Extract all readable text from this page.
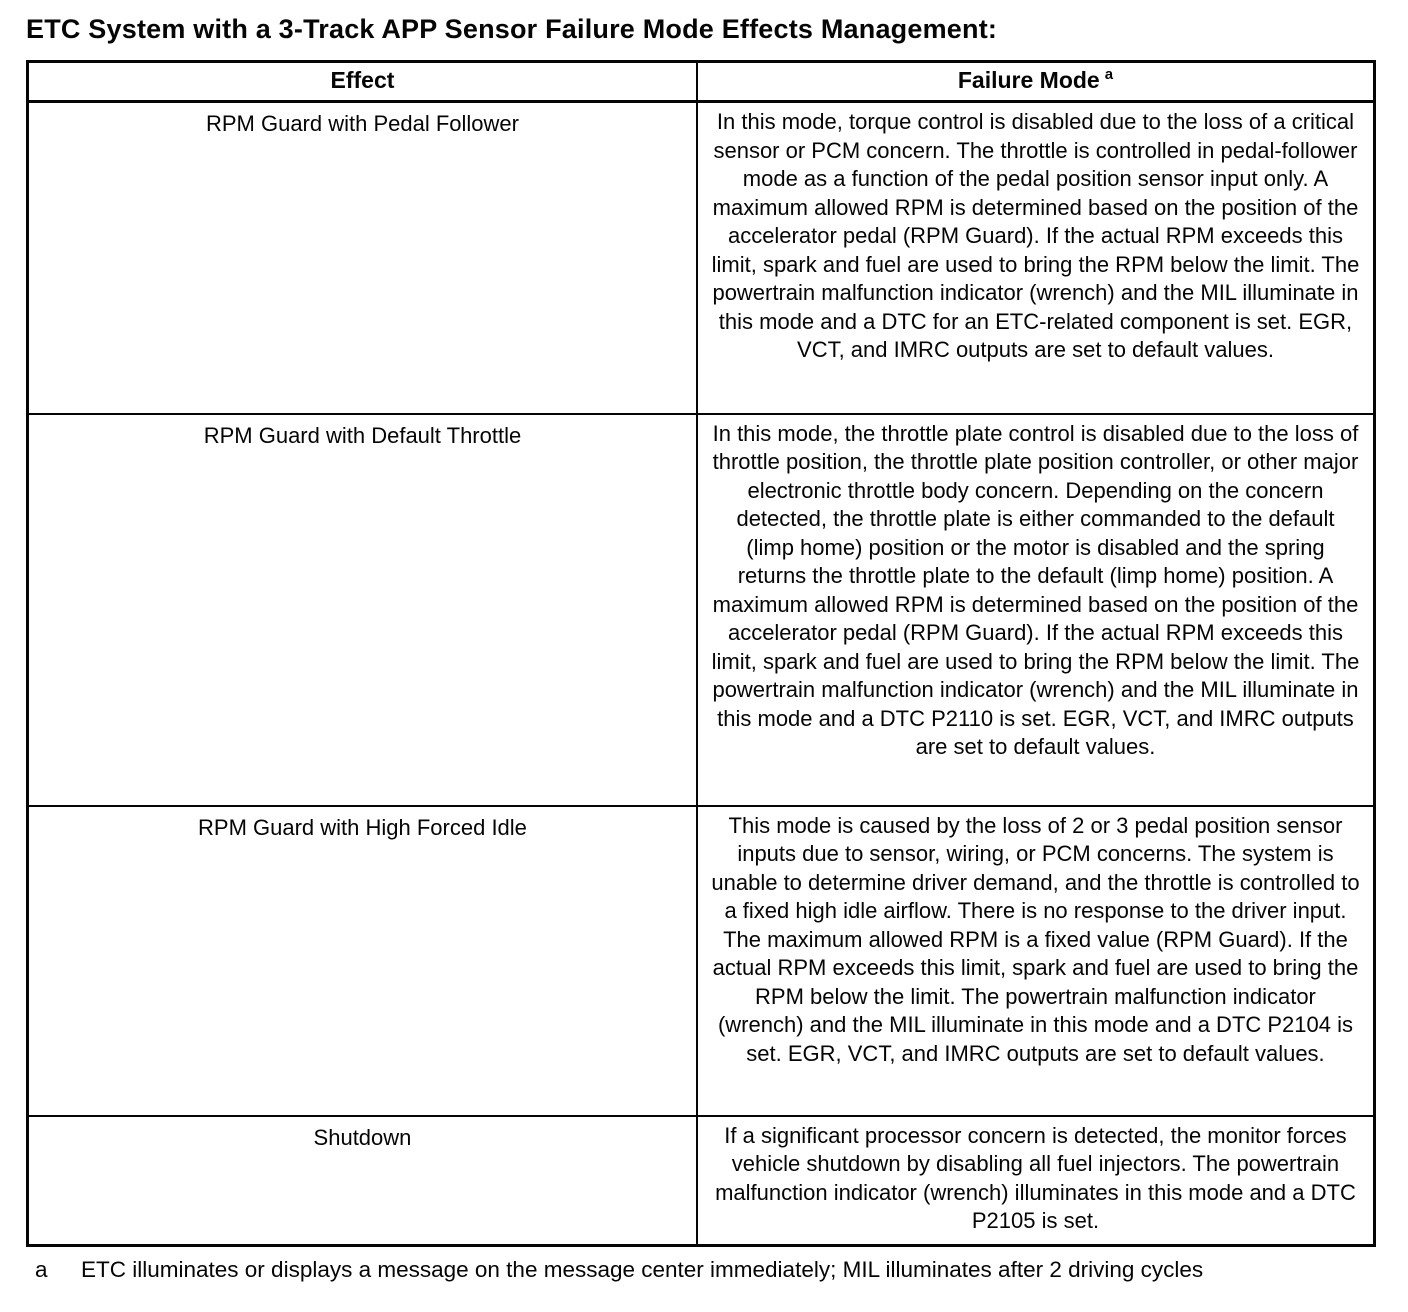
ETC System with a 3-Track APP Sensor Failure Mode Effects Management:
Effect	Failure Mode $^a$
RPM Guard with Pedal Follower	In this mode, torque control is disabled due to the loss of a critical sensor or PCM concern. The throttle is controlled in pedal-follower mode as a function of the pedal position sensor input only. A maximum allowed RPM is determined based on the position of the accelerator pedal (RPM Guard). If the actual RPM exceeds this limit, spark and fuel are used to bring the RPM below the limit. The powertrain malfunction indicator (wrench) and the MIL illuminate in this mode and a DTC for an ETC-related component is set. EGR, VCT, and IMRC outputs are set to default values.
RPM Guard with Default Throttle	In this mode, the throttle plate control is disabled due to the loss of throttle position, the throttle plate position controller, or other major electronic throttle body concern. Depending on the concern detected, the throttle plate is either commanded to the default (limp home) position or the motor is disabled and the spring returns the throttle plate to the default (limp home) position. A maximum allowed RPM is determined based on the position of the accelerator pedal (RPM Guard). If the actual RPM exceeds this limit, spark and fuel are used to bring the RPM below the limit. The powertrain malfunction indicator (wrench) and the MIL illuminate in this mode and a DTC P2110 is set. EGR, VCT, and IMRC outputs are set to default values.
RPM Guard with High Forced Idle	This mode is caused by the loss of 2 or 3 pedal position sensor inputs due to sensor, wiring, or PCM concerns. The system is unable to determine driver demand, and the throttle is controlled to a fixed high idle airflow. There is no response to the driver input. The maximum allowed RPM is a fixed value (RPM Guard). If the actual RPM exceeds this limit, spark and fuel are used to bring the RPM below the limit. The powertrain malfunction indicator (wrench) and the MIL illuminate in this mode and a DTC P2104 is set. EGR, VCT, and IMRC outputs are set to default values.
Shutdown	If a significant processor concern is detected, the monitor forces vehicle shutdown by disabling all fuel injectors. The powertrain malfunction indicator (wrench) illuminates in this mode and a DTC P2105 is set.
a	ETC illuminates or displays a message on the message center immediately; MIL illuminates after 2 driving cycles
